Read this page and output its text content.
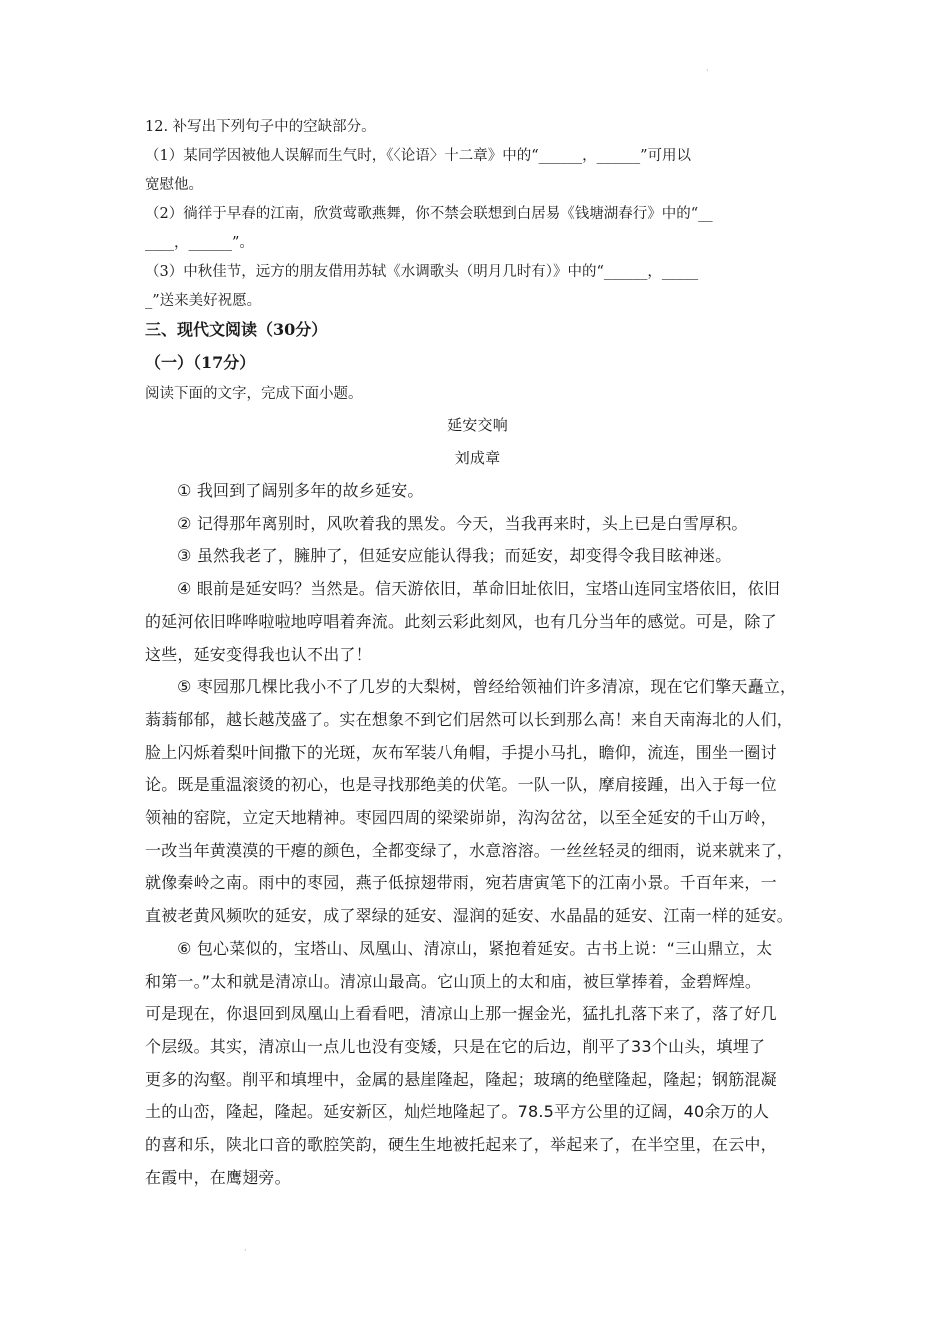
·
12. 补写出下列句子中的空缺部分。
（1）某同学因被他人误解而生气时，《〈论语〉十二章》中的“______，______”可用以
宽慰他。
（2）徜徉于早春的江南，欣赏莺歌燕舞，你不禁会联想到白居易《钱塘湖春行》中的“__
____，______”。
（3）中秋佳节，远方的朋友借用苏轼《水调歌头（明月几时有）》中的“______，_____
_”送来美好祝愿。
三、现代文阅读（30分）
（一）（17分）
阅读下面的文字，完成下面小题。
延安交响
刘成章
① 我回到了阔别多年的故乡延安。
② 记得那年离别时，风吹着我的黑发。今天，当我再来时，头上已是白雪厚积。
③ 虽然我老了，臃肿了，但延安应能认得我；而延安，却变得令我目眩神迷。
④ 眼前是延安吗？当然是。信天游依旧，革命旧址依旧，宝塔山连同宝塔依旧，依旧
的延河依旧哗哗啦啦地哼唱着奔流。此刻云彩此刻风，也有几分当年的感觉。可是，除了
这些，延安变得我也认不出了！
⑤ 枣园那几棵比我小不了几岁的大梨树，曾经给领袖们许多清凉，现在它们擎天矗立，
蓊蓊郁郁，越长越茂盛了。实在想象不到它们居然可以长到那么高！来自天南海北的人们，
脸上闪烁着梨叶间撒下的光斑，灰布军装八角帽，手提小马扎，瞻仰，流连，围坐一圈讨
论。既是重温滚烫的初心，也是寻找那绝美的伏笔。一队一队，摩肩接踵，出入于每一位
领袖的窑院，立定天地精神。枣园四周的梁梁峁峁，沟沟岔岔，以至全延安的千山万岭，
一改当年黄漠漠的干瘪的颜色，全都变绿了，水意溶溶。一丝丝轻灵的细雨，说来就来了，
就像秦岭之南。雨中的枣园，燕子低掠翅带雨，宛若唐寅笔下的江南小景。千百年来，一
直被老黄风频吹的延安，成了翠绿的延安、湿润的延安、水晶晶的延安、江南一样的延安。
⑥ 包心菜似的，宝塔山、凤凰山、清凉山，紧抱着延安。古书上说：“三山鼎立，太
和第一。”太和就是清凉山。清凉山最高。它山顶上的太和庙，被巨掌捧着，金碧辉煌。
可是现在，你退回到凤凰山上看看吧，清凉山上那一握金光，猛扎扎落下来了，落了好几
个层级。其实，清凉山一点儿也没有变矮，只是在它的后边，削平了33个山头，填埋了
更多的沟壑。削平和填埋中，金属的悬崖隆起，隆起；玻璃的绝壁隆起，隆起；钢筋混凝
土的山峦，隆起，隆起。延安新区，灿烂地隆起了。78.5平方公里的辽阔，40余万的人
的喜和乐，陕北口音的歌腔笑韵，硬生生地被托起来了，举起来了，在半空里，在云中，
在霞中，在鹰翅旁。
·
